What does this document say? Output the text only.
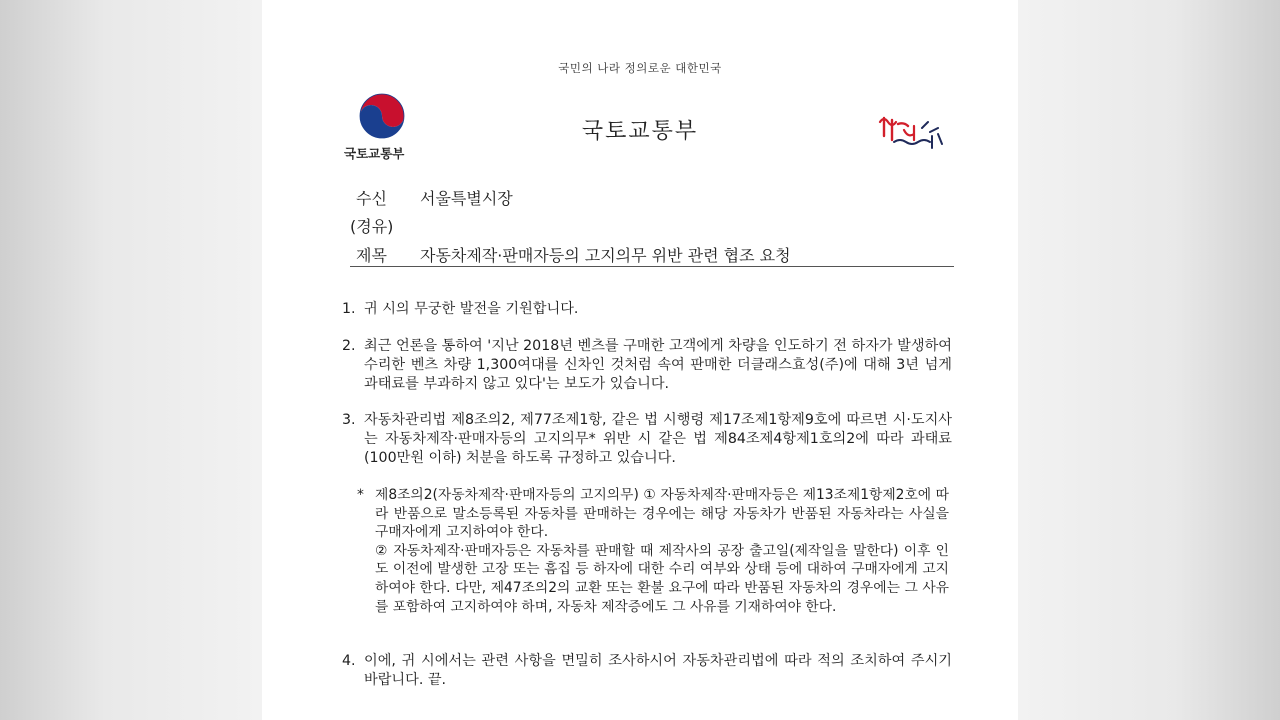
국민의 나라 정의로운 대한민국
국토교통부
국토교통부
수신 서울특별시장
(경유)
제목 자동차제작·판매자등의 고지의무 위반 관련 협조 요청
1. 귀 시의 무궁한 발전을 기원합니다.
2. 최근 언론을 통하여 '지난 2018년 벤츠를 구매한 고객에게 차량을 인도하기 전 하자가 발생하여 수리한 벤츠 차량 1,300여대를 신차인 것처럼 속여 판매한 더클래스효성(주)에 대해 3년 넘게 과태료를 부과하지 않고 있다'는 보도가 있습니다.
3. 자동차관리법 제8조의2, 제77조제1항, 같은 법 시행령 제17조제1항제9호에 따르면 시·도지사는 자동차제작·판매자등의 고지의무* 위반 시 같은 법 제84조제4항제1호의2에 따라 과태료(100만원 이하) 처분을 하도록 규정하고 있습니다.
* 제8조의2(자동차제작·판매자등의 고지의무) ① 자동차제작·판매자등은 제13조제1항제2호에 따라 반품으로 말소등록된 자동차를 판매하는 경우에는 해당 자동차가 반품된 자동차라는 사실을 구매자에게 고지하여야 한다.

② 자동차제작·판매자등은 자동차를 판매할 때 제작사의 공장 출고일(제작일을 말한다) 이후 인도 이전에 발생한 고장 또는 흠집 등 하자에 대한 수리 여부와 상태 등에 대하여 구매자에게 고지하여야 한다. 다만, 제47조의2의 교환 또는 환불 요구에 따라 반품된 자동차의 경우에는 그 사유를 포함하여 고지하여야 하며, 자동차 제작증에도 그 사유를 기재하여야 한다.

4. 이에, 귀 시에서는 관련 사항을 면밀히 조사하시어 자동차관리법에 따라 적의 조치하여 주시기 바랍니다. 끝.
